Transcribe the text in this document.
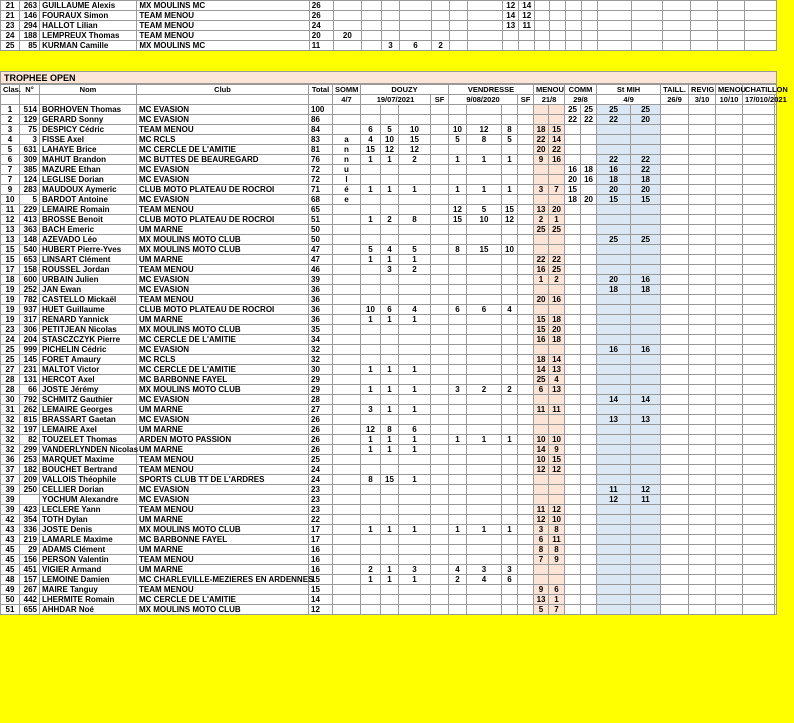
21	263	GUILLAUME Alexis	MX MOULINS MC	26								12	14										
21	146	FOURAUX Simon	TEAM MENOU	26								14	12										
23	294	HALLOT Lilian	TEAM MENOU	24								13	11										
24	188	LEMPREUX Thomas	TEAM MENOU	20	20																		
25	85	KURMAN Camille	MX MOULINS MC	11			3	6	2														
TROPHEE OPEN
Clas.	N°	Nom	Club	Total	SOMM	DOUZY				VENDRESSE				MENOU		COMM		St MIH		TAILL.	REVIG	MENOU	CHATILLON	
					4/7	19/07/2021			SF	9/08/2020			SF	21/8		29/8		4/9		26/9	3/10	10/10	17/010/2021	
1	514	BORHOVEN Thomas	MC EVASION	100												25	25	25	25					
2	129	GERARD Sonny	MC EVASION	86												22	22	22	20					
3	75	DESPICY Cédric	TEAM MENOU	84		6	5	10		10	12	8		18	15									
4	3	FISSE Axel	MC RCLS	83	a	4	10	15		5	8	5		22	14									
5	631	LAHAYE Brice	MC CERCLE DE L'AMITIE	81	n	15	12	12						20	22									
6	309	MAHUT Brandon	MC BUTTES DE BEAUREGARD	76	n	1	1	2		1	1	1		9	16			22	22					
7	385	MAZURE Ethan	MC EVASION	72	u											16	18	16	22					
7	124	LEGLISE Dorian	MC EVASION	72	l											20	16	18	18					
9	283	MAUDOUX Aymeric	CLUB MOTO PLATEAU DE ROCROI	71	é	1	1	1		1	1	1		3	7	15		20	20					
10	5	BARDOT Antoine	MC EVASION	68	e											18	20	15	15					
11	229	LEMAIRE Romain	TEAM MENOU	65						12	5	15		13	20									
12	413	BROSSE Benoit	CLUB MOTO PLATEAU DE ROCROI	51		1	2	8		15	10	12		2	1									
13	363	BACH Emeric	UM MARNE	50										25	25									
13	148	AZEVADO Léo	MX MOULINS MOTO CLUB	50														25	25					
15	540	HUBERT Pierre-Yves	MX MOULINS MOTO CLUB	47		5	4	5		8	15	10												
15	653	LINSART Clément	UM MARNE	47		1	1	1						22	22									
17	158	ROUSSEL Jordan	TEAM MENOU	46			3	2						16	25									
18	600	URBAIN Julien	MC EVASION	39										1	2			20	16					
19	252	JAN Ewan	MC EVASION	36														18	18					
19	782	CASTELLO Mickaël	TEAM MENOU	36										20	16									
19	937	HUET Guillaume	CLUB MOTO PLATEAU DE ROCROI	36		10	6	4		6	6	4												
19	317	RENARD Yannick	UM MARNE	36		1	1	1						15	18									
23	306	PETITJEAN Nicolas	MX MOULINS MOTO CLUB	35										15	20									
24	204	STASCZCZYK Pierre	MC CERCLE DE L'AMITIE	34										16	18									
25	999	PICHELIN Cédric	MC EVASION	32														16	16					
25	145	FORET Amaury	MC RCLS	32										18	14									
27	231	MALTOT Victor	MC CERCLE DE L'AMITIE	30		1	1	1						14	13									
28	131	HERCOT Axel	MC BARBONNE FAYEL	29										25	4									
28	66	JOSTE Jérémy	MX MOULINS MOTO CLUB	29		1	1	1		3	2	2		6	13									
30	792	SCHMITZ Gauthier	MC EVASION	28														14	14					
31	262	LEMAIRE Georges	UM MARNE	27		3	1	1						11	11									
32	815	BRASSART Gaetan	MC EVASION	26														13	13					
32	197	LEMAIRE Axel	UM MARNE	26		12	8	6																
32	82	TOUZELET Thomas	ARDEN MOTO PASSION	26		1	1	1		1	1	1		10	10									
32	299	VANDERLYNDEN Nicolas	UM MARNE	26		1	1	1						14	9									
36	253	MARQUET Maxime	TEAM MENOU	25										10	15									
37	182	BOUCHET Bertrand	TEAM MENOU	24										12	12									
37	209	VALLOIS Théophile	SPORTS CLUB TT DE L'ARDRES	24		8	15	1																
39	250	CELLIER Dorian	MC EVASION	23														11	12					
39		YOCHUM Alexandre	MC EVASION	23														12	11					
39	423	LECLERE Yann	TEAM MENOU	23										11	12									
42	354	TOTH Dylan	UM MARNE	22										12	10									
43	336	JOSTE Denis	MX MOULINS MOTO CLUB	17		1	1	1		1	1	1		3	8									
43	219	LAMARLE Maxime	MC BARBONNE FAYEL	17										6	11									
45	29	ADAMS Clément	UM MARNE	16										8	8									
45	156	PERSON Valentin	TEAM MENOU	16										7	9									
45	451	VIGIER Armand	UM MARNE	16		2	1	3		4	3	3												
48	157	LEMOINE Damien	MC CHARLEVILLE-MEZIERES EN ARDENNES	15		1	1	1		2	4	6												
49	267	MAIRE Tanguy	TEAM MENOU	15										9	6									
50	442	LHERMITE Romain	MC CERCLE DE L'AMITIE	14										13	1									
51	655	AHHDAR Noé	MX MOULINS MOTO CLUB	12										5	7									
